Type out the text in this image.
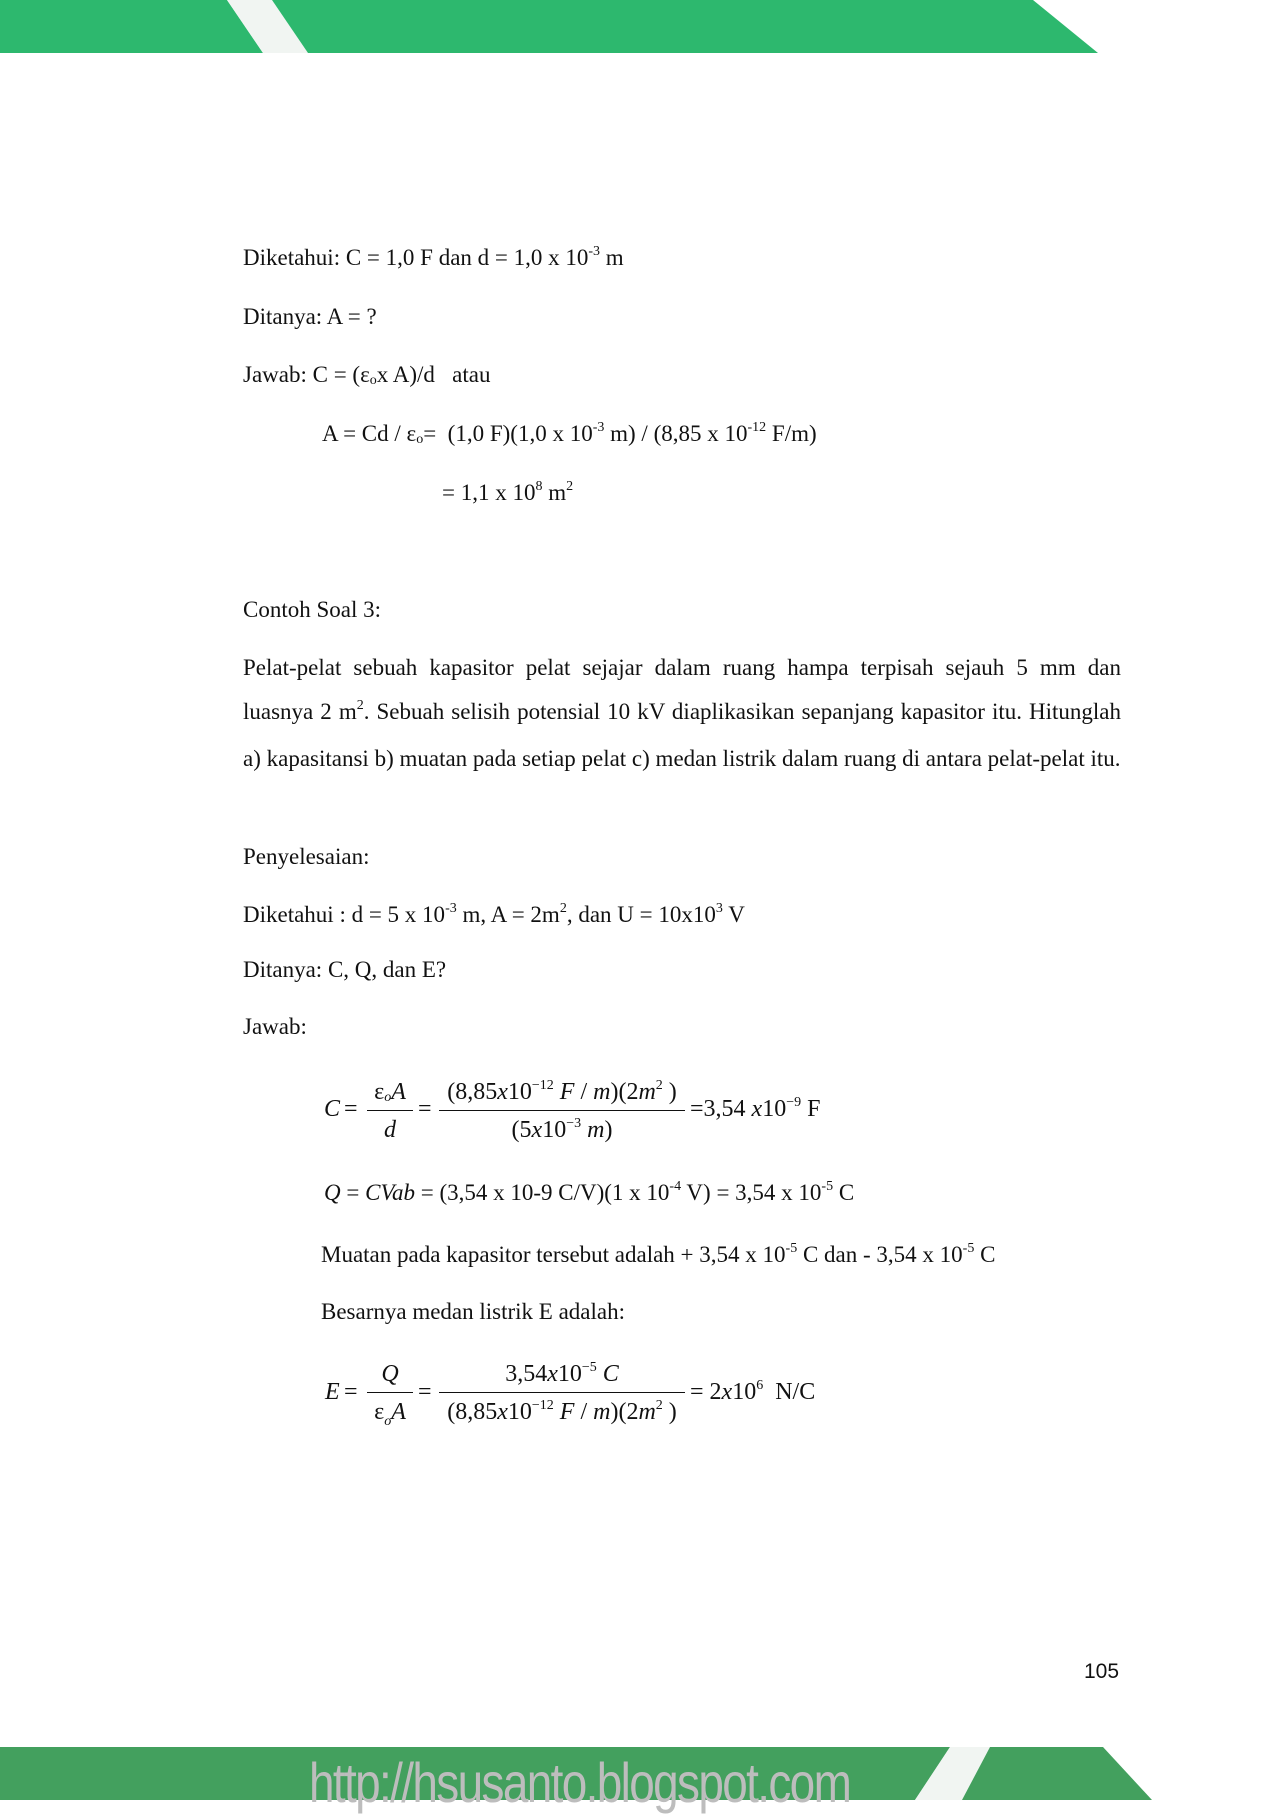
Diketahui: C = 1,0 F dan d = 1,0 x $10^{-3}$ m
Ditanya: A = ?
Jawab: $C = (\varepsilon_ox$ A)/d   atau
$A = Cd / \varepsilon_o= (1,0$ F)(1,0 x $10^{-3}$ m) / (8,85 x $10^{-12}$ F/m)
= 1,1 x $10^8$ $m^2$
Contoh Soal 3:
Pelat-pelat sebuah kapasitor pelat sejajar dalam ruang hampa terpisah sejauh 5 mm dan luasnya 2 $m^2$. Sebuah selisih potensial 10 kV diaplikasikan sepanjang kapasitor itu. Hitunglah a) kapasitansi b) muatan pada setiap pelat c) medan listrik dalam ruang di antara pelat-pelat itu.
Penyelesaian:
Diketahui : d = 5 x $10^{-3}$ m, $A = 2m^2$, dan $U = 10x10^3$ V
Ditanya: C, Q, dan E?
Jawab:
C =
$\varepsilon_oA$
d
=
($8,85x10^{-12}$ F / $m)(2m^2$ )
($5x10^{-3}$ m)
=3,54 $x10^{-9}$ F
Q = CVab = (3,54 x 10-9 C/V)(1 x $10^{-4}$ V) = 3,54 x $10^{-5}$ C
Muatan pada kapasitor tersebut adalah + 3,54 x $10^{-5}$ C dan - 3,54 x $10^{-5}$ C
Besarnya medan listrik E adalah:
E =
Q
$\varepsilon_oA$
=
$3,54x10^{-5}$ C
($8,85x10^{-12}$ F / $m)(2m^2$ )
= $2x10^6$  N/C
105
http://hsusanto.blogspot.com
